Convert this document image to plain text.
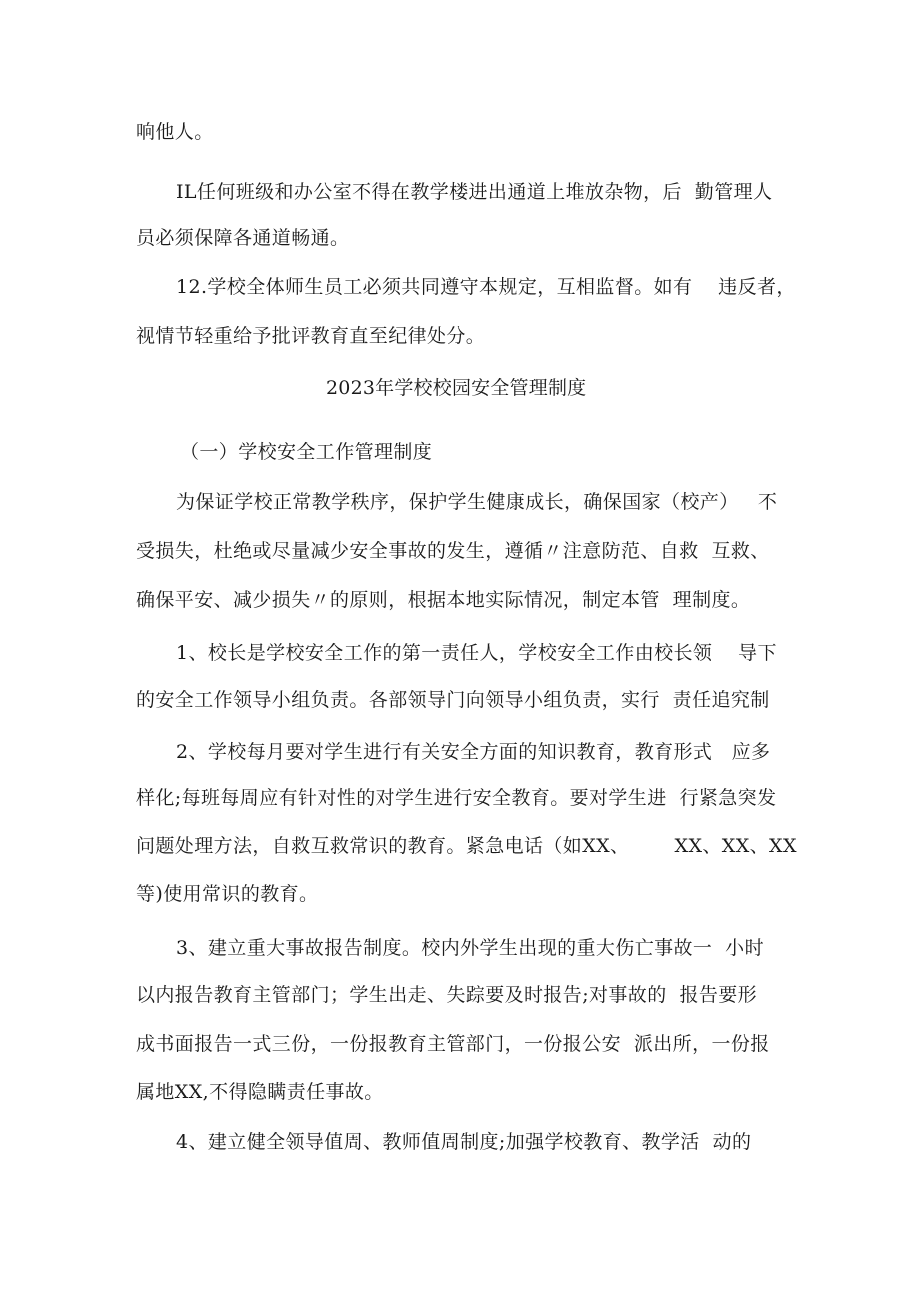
响他人。
IL任何班级和办公室不得在教学楼进出通道上堆放杂物，后  勤管理人
员必须保障各通道畅通。
12.学校全体师生员工必须共同遵守本规定，互相监督。如有    违反者，
视情节轻重给予批评教育直至纪律处分。
2023年学校校园安全管理制度
（一）学校安全工作管理制度
为保证学校正常教学秩序，保护学生健康成长，确保国家（校产）   不
受损失，杜绝或尽量减少安全事故的发生，遵循〃注意防范、自救  互救、
确保平安、减少损失〃的原则，根据本地实际情况，制定本管  理制度。
1、校长是学校安全工作的第一责任人，学校安全工作由校长领    导下
的安全工作领导小组负责。各部领导门向领导小组负责，实行  责任追究制
2、学校每月要对学生进行有关安全方面的知识教育，教育形式   应多
样化;每班每周应有针对性的对学生进行安全教育。要对学生进  行紧急突发
问题处理方法，自救互救常识的教育。紧急电话（如XX、       XX、XX、XX
等)使用常识的教育。
3、建立重大事故报告制度。校内外学生出现的重大伤亡事故一  小时
以内报告教育主管部门；学生出走、失踪要及时报告;对事故的  报告要形
成书面报告一式三份，一份报教育主管部门，一份报公安  派出所，一份报
属地XX,不得隐瞒责任事故。
4、建立健全领导值周、教师值周制度;加强学校教育、教学活  动的
